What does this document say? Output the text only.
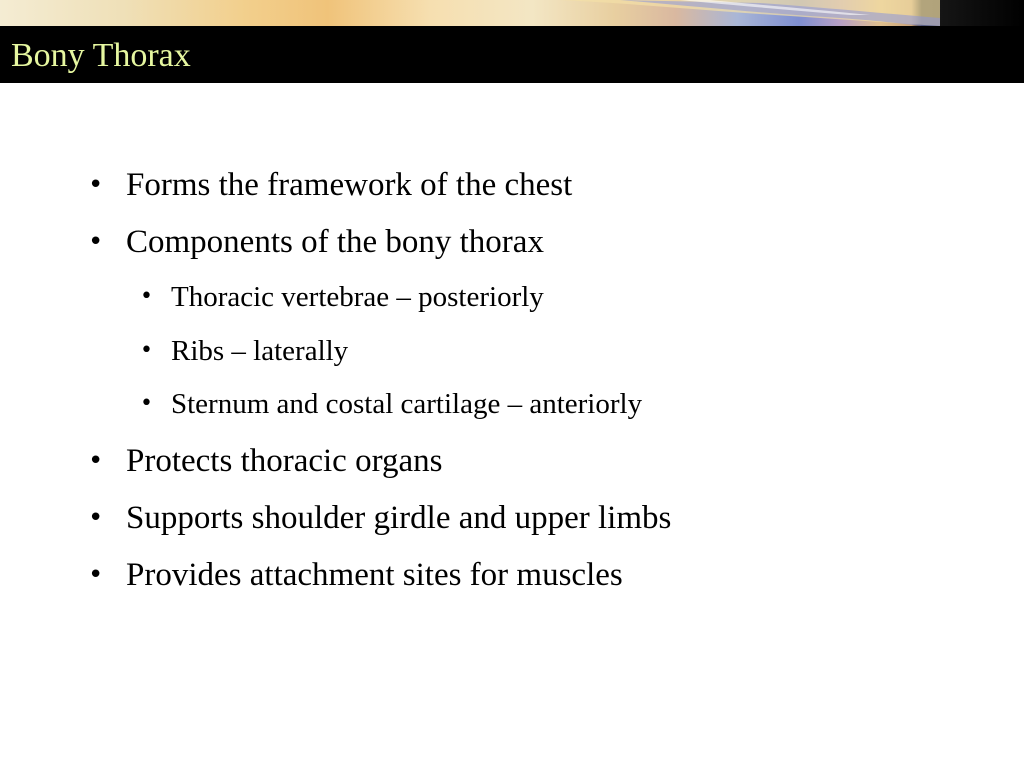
Bony Thorax
• Forms the framework of the chest
• Components of the bony thorax
• Thoracic vertebrae – posteriorly
• Ribs – laterally
• Sternum and costal cartilage – anteriorly
• Protects thoracic organs
• Supports shoulder girdle and upper limbs
• Provides attachment sites for muscles
